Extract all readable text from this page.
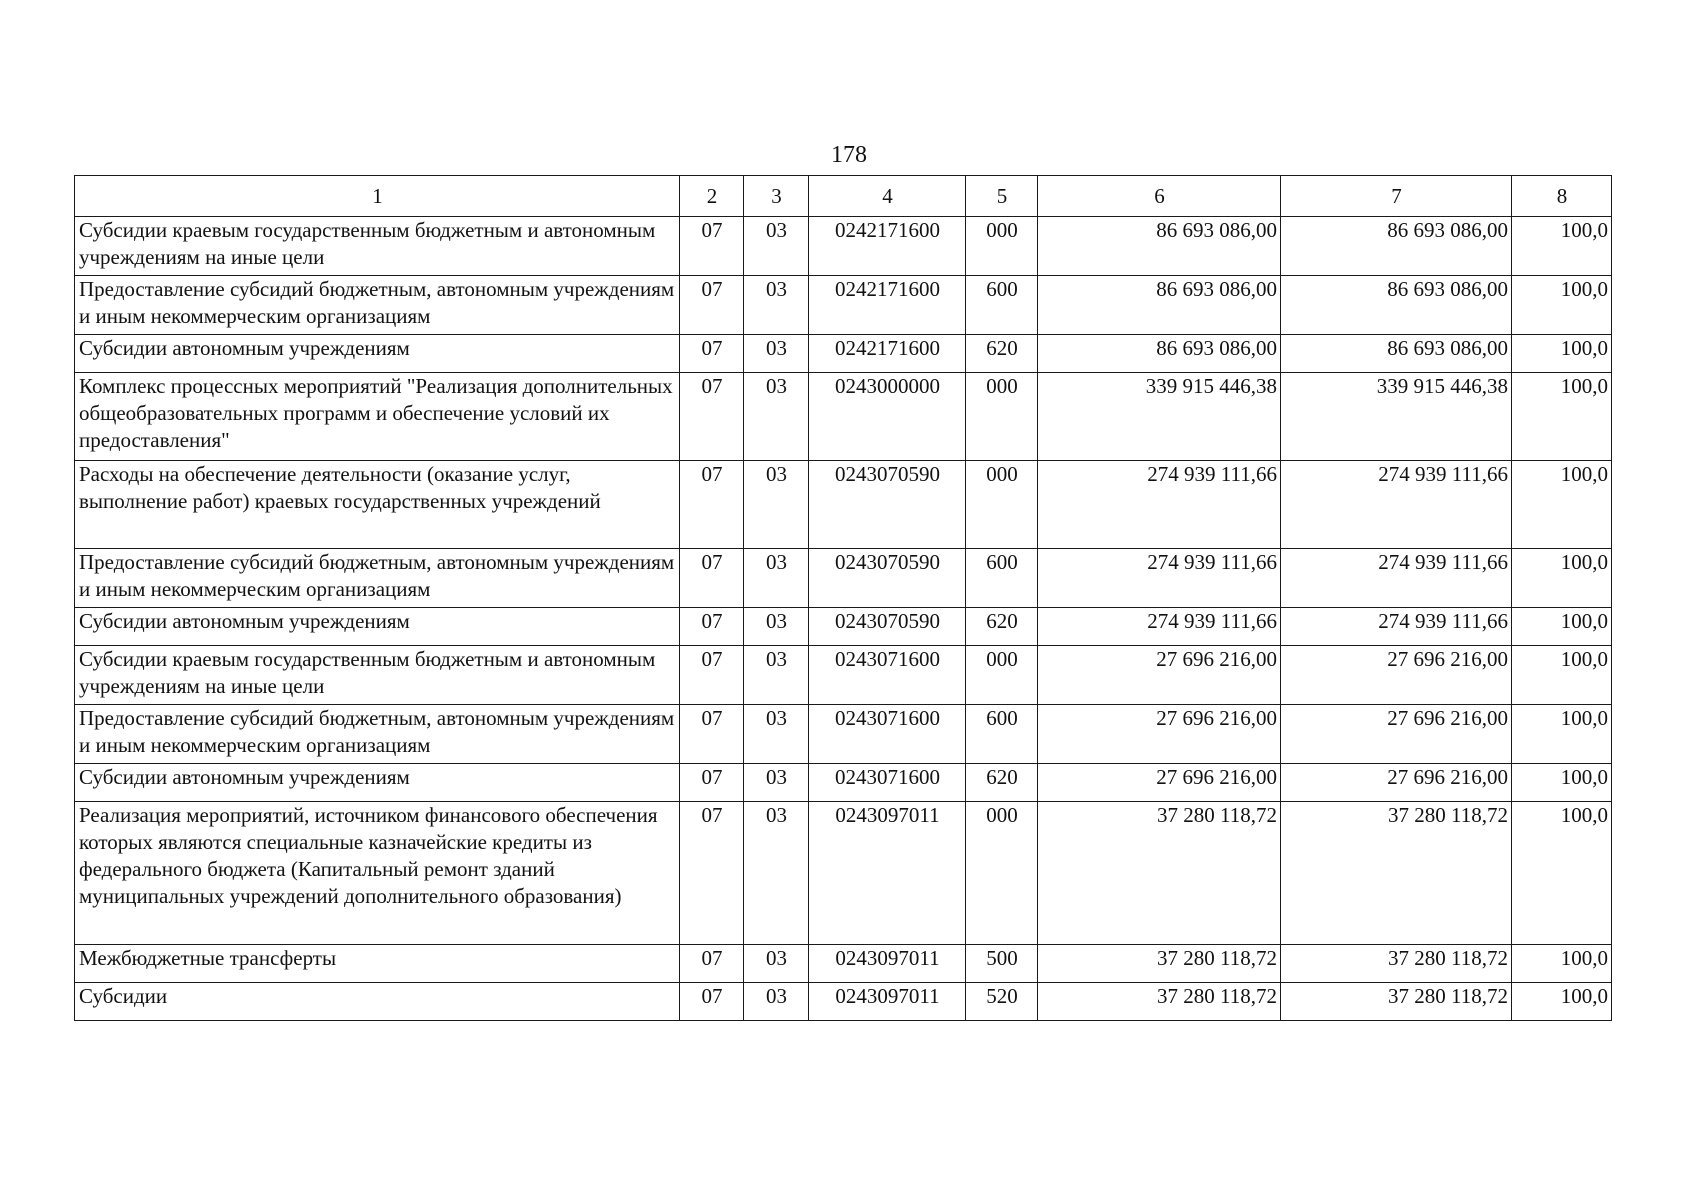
178
1	2	3	4	5	6	7	8
Субсидии краевым государственным бюджетным и автономным учреждениям на иные цели	07	03	0242171600	000	86 693 086,00	86 693 086,00	100,0
Предоставление субсидий бюджетным, автономным учреждениям и иным некоммерческим организациям	07	03	0242171600	600	86 693 086,00	86 693 086,00	100,0
Субсидии автономным учреждениям	07	03	0242171600	620	86 693 086,00	86 693 086,00	100,0
Комплекс процессных мероприятий "Реализация дополнительных общеобразовательных программ и обеспечение условий их предоставления"	07	03	0243000000	000	339 915 446,38	339 915 446,38	100,0
Расходы на обеспечение деятельности (оказание услуг, выполнение работ) краевых государственных учреждений	07	03	0243070590	000	274 939 111,66	274 939 111,66	100,0
Предоставление субсидий бюджетным, автономным учреждениям и иным некоммерческим организациям	07	03	0243070590	600	274 939 111,66	274 939 111,66	100,0
Субсидии автономным учреждениям	07	03	0243070590	620	274 939 111,66	274 939 111,66	100,0
Субсидии краевым государственным бюджетным и автономным учреждениям на иные цели	07	03	0243071600	000	27 696 216,00	27 696 216,00	100,0
Предоставление субсидий бюджетным, автономным учреждениям и иным некоммерческим организациям	07	03	0243071600	600	27 696 216,00	27 696 216,00	100,0
Субсидии автономным учреждениям	07	03	0243071600	620	27 696 216,00	27 696 216,00	100,0
Реализация мероприятий, источником финансового обеспечения которых являются специальные казначейские кредиты из федерального бюджета (Капитальный ремонт зданий муниципальных учреждений дополнительного образования)	07	03	0243097011	000	37 280 118,72	37 280 118,72	100,0
Межбюджетные трансферты	07	03	0243097011	500	37 280 118,72	37 280 118,72	100,0
Субсидии	07	03	0243097011	520	37 280 118,72	37 280 118,72	100,0
